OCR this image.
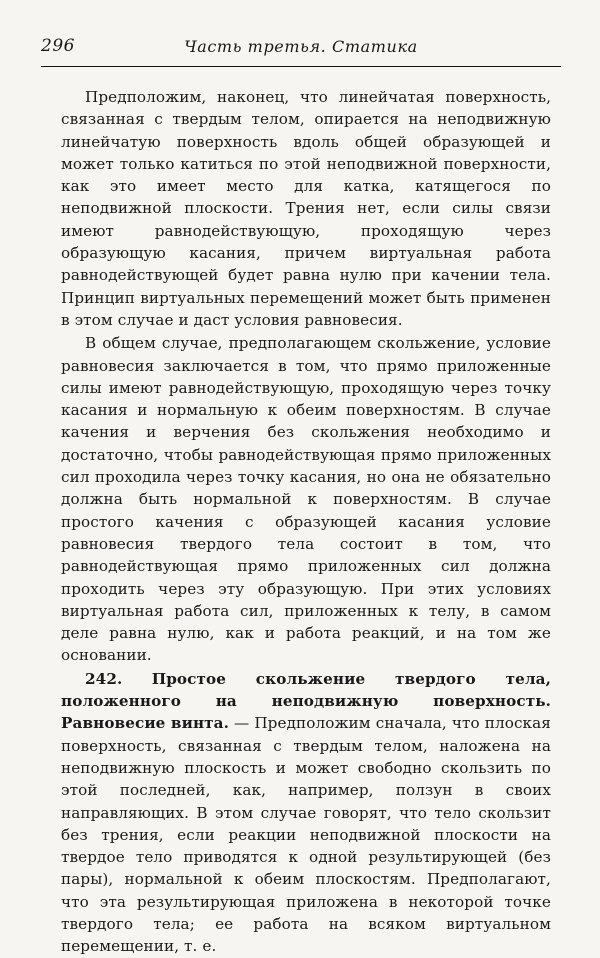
296	Часть третья. Статика

Предположим, наконец, что линейчатая поверхность, связанная с твердым телом, опирается на неподвижную линейчатую поверхность вдоль общей образующей и может только катиться по этой неподвижной поверхности, как это имеет место для катка, катящегося по неподвижной плоскости. Трения нет, если силы связи имеют равнодействующую, проходящую через образующую касания, причем виртуальная работа равнодействующей будет равна нулю при качении тела. Принцип виртуальных перемещений может быть применен в этом случае и даст условия равновесия.

В общем случае, предполагающем скольжение, условие равновесия заключается в том, что прямо приложенные силы имеют равнодействующую, проходящую через точку касания и нормальную к обеим поверхностям. В случае качения и верчения без скольжения необходимо и достаточно, чтобы равнодействующая прямо приложенных сил проходила через точку касания, но она не обязательно должна быть нормальной к поверхностям. В случае простого качения с образующей касания условие равновесия твердого тела состоит в том, что равнодействующая прямо приложенных сил должна проходить через эту образующую. При этих условиях виртуальная работа сил, приложенных к телу, в самом деле равна нулю, как и работа реакций, и на том же основании.

242. Простое скольжение твердого тела, положенного на неподвижную поверхность. Равновесие винта. — Предположим сначала, что плоская поверхность, связанная с твердым телом, наложена на неподвижную плоскость и может свободно скользить по этой последней, как, например, ползун в своих направляющих. В этом случае говорят, что тело скользит без трения, если реакции неподвижной плоскости на твердое тело приводятся к одной результирующей (без пары), нормальной к обеим плоскостям. Предполагают, что эта результирующая приложена в некоторой точке твердого тела; ее работа на всяком виртуальном перемещении, т. е.
